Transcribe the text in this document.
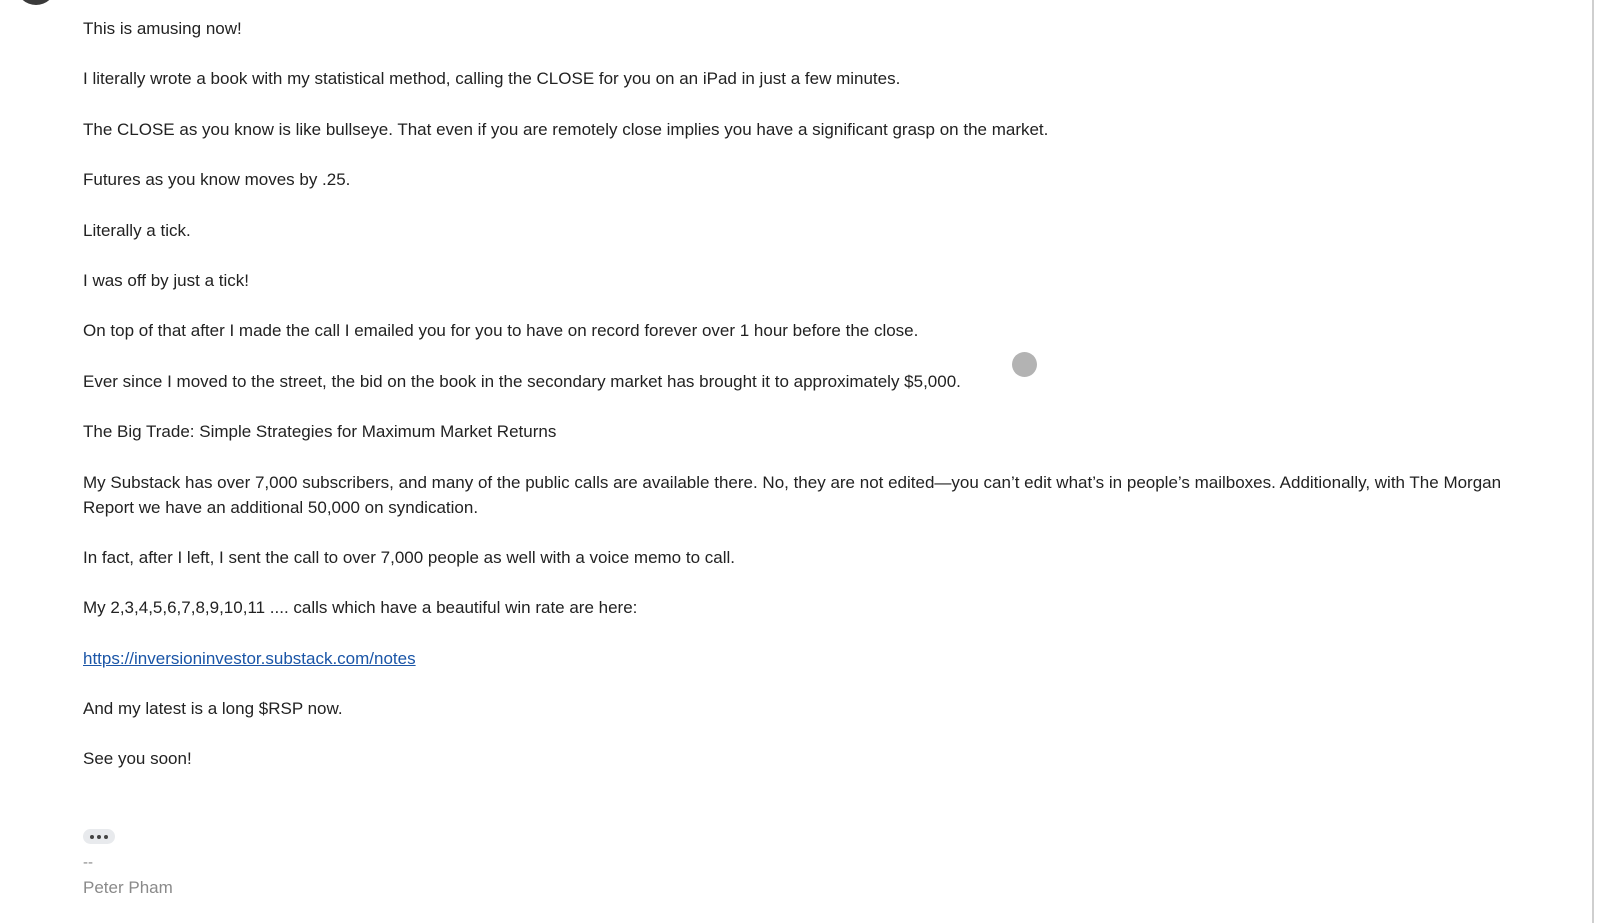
This is amusing now!

I literally wrote a book with my statistical method, calling the CLOSE for you on an iPad in just a few minutes.

The CLOSE as you know is like bullseye. That even if you are remotely close implies you have a significant grasp on the market.

Futures as you know moves by .25.

Literally a tick.

I was off by just a tick!

On top of that after I made the call I emailed you for you to have on record forever over 1 hour before the close.

Ever since I moved to the street, the bid on the book in the secondary market has brought it to approximately $5,000.

The Big Trade: Simple Strategies for Maximum Market Returns

My Substack has over 7,000 subscribers, and many of the public calls are available there. No, they are not edited—you can’t edit what’s in people’s mailboxes. Additionally, with The Morgan Report we have an additional 50,000 on syndication.

In fact, after I left, I sent the call to over 7,000 people as well with a voice memo to call.

My 2,3,4,5,6,7,8,9,10,11 .... calls which have a beautiful win rate are here:

https://inversioninvestor.substack.com/notes

And my latest is a long $RSP now.

See you soon!

--
Peter Pham
